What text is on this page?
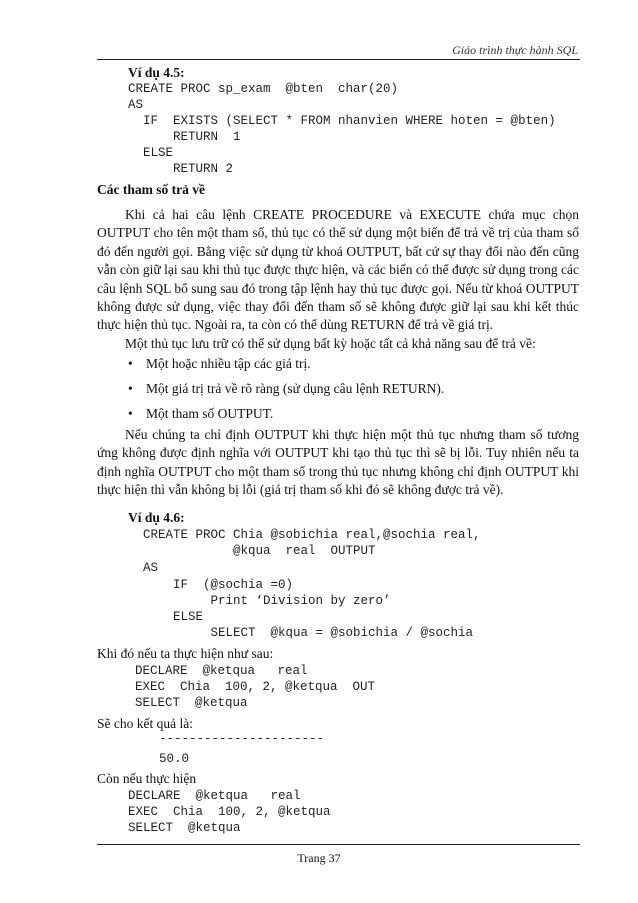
Giáo trình thực hành SQL
Ví dụ 4.5:
CREATE PROC sp_exam  @bten  char(20)
AS
IF  EXISTS (SELECT * FROM nhanvien WHERE hoten = @bten)
RETURN  1
ELSE
RETURN 2
Các tham số trả về
Khi cả hai câu lệnh CREATE PROCEDURE và EXECUTE chứa mục chọn OUTPUT cho tên một tham số, thủ tục có thể sử dụng một biến để trả về trị của tham số đó đến người gọi. Bằng việc sử dụng từ khoá OUTPUT, bất cứ sự thay đổi nào đến cũng vẫn còn giữ lại sau khi thủ tục được thực hiện, và các biến có thể được sử dụng trong các câu lệnh SQL bổ sung sau đó trong tập lệnh hay thủ tục được gọi. Nếu từ khoá OUTPUT không được sử dụng, việc thay đổi đến tham số sẽ không được giữ lại sau khi kết thúc thực hiện thủ tục. Ngoài ra, ta còn có thể dùng RETURN để trả về giá trị.
Một thủ tục lưu trữ có thể sử dụng bất kỳ hoặc tất cả khả năng sau để trả về:
• Một hoặc nhiều tập các giá trị.
• Một giá trị trả về rõ ràng (sử dụng câu lệnh RETURN).
• Một tham số OUTPUT.
Nếu chúng ta chỉ định OUTPUT khi thực hiện một thủ tục nhưng tham số tương ứng không được định nghĩa với OUTPUT khi tạo thủ tục thì sẽ bị lỗi. Tuy nhiên nếu ta định nghĩa OUTPUT cho một tham số trong thủ tục nhưng không chỉ định OUTPUT khi thực hiện thì vẫn không bị lỗi (giá trị tham số khi đó sẽ không được trả về).
Ví dụ 4.6:
CREATE PROC Chia @sobichia real,@sochia real,
@kqua  real  OUTPUT
AS
IF  (@sochia =0)
Print ‘Division by zero’
ELSE
SELECT  @kqua = @sobichia / @sochia
Khi đó nếu ta thực hiện như sau:
DECLARE  @ketqua   real
EXEC  Chia  100, 2, @ketqua  OUT
SELECT  @ketqua
Sẽ cho kết quả là:
----------------------
50.0
Còn nếu thực hiện
DECLARE  @ketqua   real
EXEC  Chia  100, 2, @ketqua
SELECT  @ketqua
Trang 37
